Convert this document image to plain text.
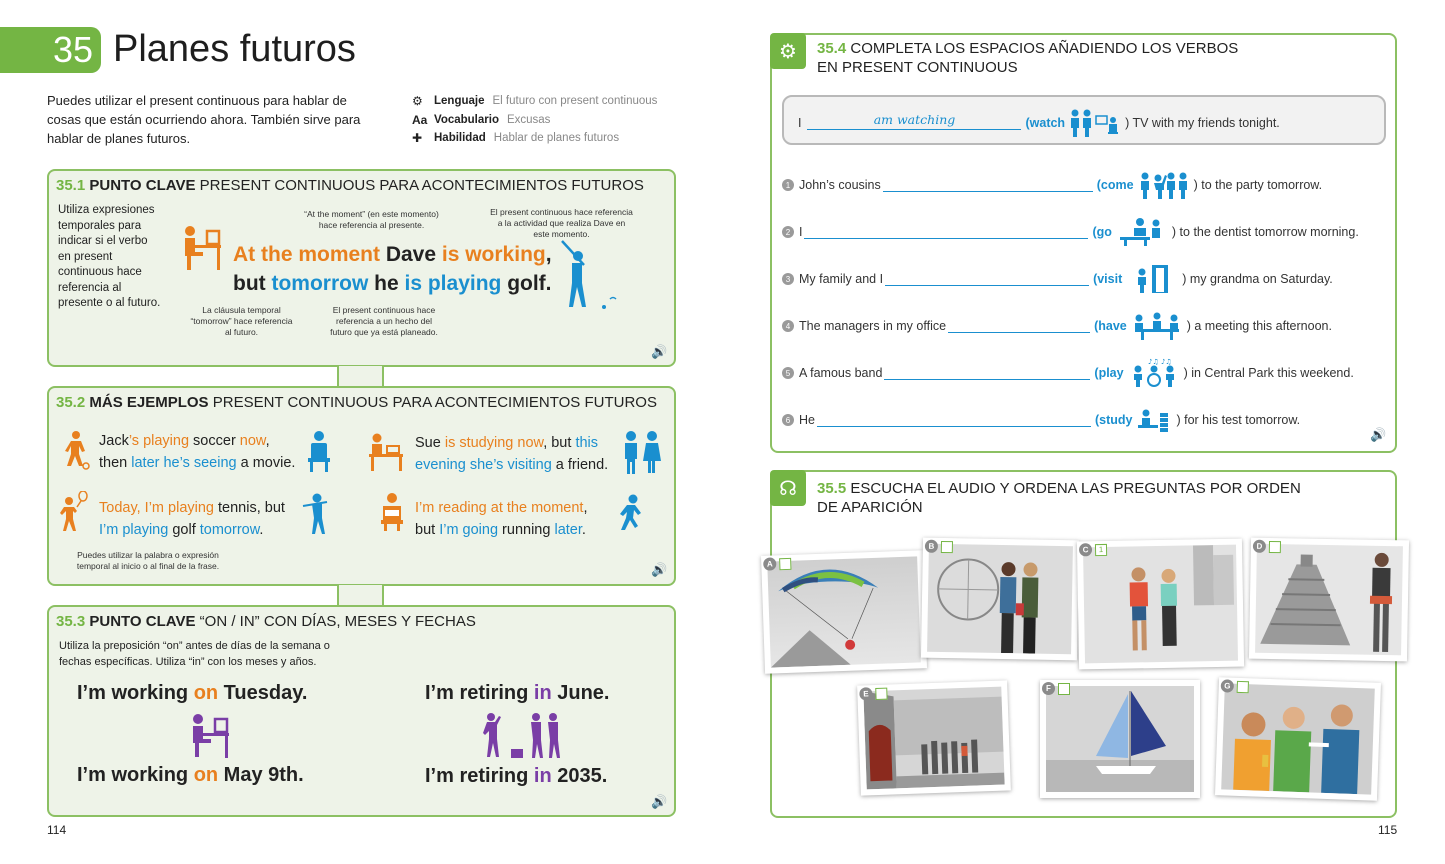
35 Planes futuros
Puedes utilizar el present continuous para hablar de cosas que están ocurriendo ahora. También sirve para hablar de planes futuros.
⚙ Lenguaje El futuro con present continuous
Aa Vocabulario Excusas
✚	Habilidad Hablar de planes futuros
35.1 PUNTO CLAVE PRESENT CONTINUOUS PARA ACONTECIMIENTOS FUTUROS
Utiliza expresiones temporales para indicar si el verbo en present continuous hace referencia al presente o al futuro.
“At the moment” (en este momento) hace referencia al presente.
El present continuous hace referencia a la actividad que realiza Dave en este momento.
At the moment Dave is working,
but tomorrow he is playing golf.
La cláusula temporal “tomorrow” hace referencia al futuro.
El present continuous hace referencia a un hecho del futuro que ya está planeado.
🔊
35.2 MÁS EJEMPLOS PRESENT CONTINUOUS PARA ACONTECIMIENTOS FUTUROS
Jack’s playing soccer now,
then later he’s seeing a movie.
Sue is studying now, but this
evening she’s visiting a friend.
Today, I’m playing tennis, but
I’m playing golf tomorrow.
I’m reading at the moment,
but I’m going running later.
Puedes utilizar la palabra o expresión temporal al inicio o al final de la frase.	🔊
35.3 PUNTO CLAVE “ON / IN” CON DÍAS, MESES Y FECHAS
Utiliza la preposición “on” antes de días de la semana o fechas específicas. Utiliza “in” con los meses y años.
I’m working on Tuesday.
I’m working on May 9th.
I’m retiring in June.
I’m retiring in 2035.
🔊
114
⚙	35.4 COMPLETA LOS ESPACIOS AÑADIENDO LOS VERBOS
EN PRESENT CONTINUOUS
I	am watching	(watch	) TV with my friends tonight.
1 John’s cousins	(come	) to the party tomorrow.
2 I	(go	) to the dentist tomorrow morning.
3 My family and I	(visit	) my grandma on Saturday.
4 The managers in my office	(have	) a meeting this afternoon.
5 A famous band	(play
♪♫ ♪♫
) in Central Park this weekend.
6 He	(study	) for his test tomorrow.
🔊
☊	35.5 ESCUCHA EL AUDIO Y ORDENA LAS PREGUNTAS POR ORDEN
DE APARICIÓN
A
B	C	1	D
E
F	G
115
